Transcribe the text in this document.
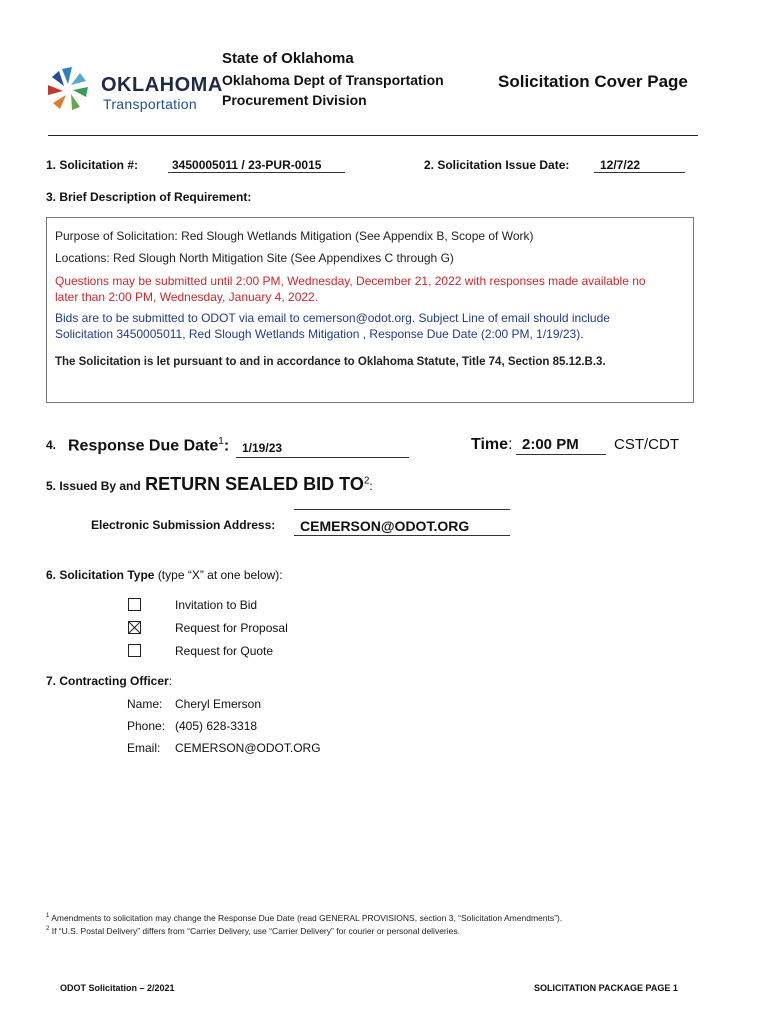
OKLAHOMA
Transportation
State of Oklahoma
Oklahoma Dept of Transportation
Procurement Division
Solicitation Cover Page
1. Solicitation #:	3450005011 / 23-PUR-0015	2. Solicitation Issue Date:	12/7/22
3. Brief Description of Requirement:
Purpose of Solicitation: Red Slough Wetlands Mitigation (See Appendix B, Scope of Work)
Locations: Red Slough North Mitigation Site (See Appendixes C through G)
Questions may be submitted until 2:00 PM, Wednesday, December 21, 2022 with responses made available no
later than 2:00 PM, Wednesday, January 4, 2022.
Bids are to be submitted to ODOT via email to cemerson@odot.org. Subject Line of email should include
Solicitation 3450005011, Red Slough Wetlands Mitigation , Response Due Date (2:00 PM, 1/19/23).
The Solicitation is let pursuant to and in accordance to Oklahoma Statute, Title 74, Section 85.12.B.3.
4. Response Due Date$^1$:	1/19/23	Time: 2:00 PM	CST/CDT
5. Issued By and RETURN SEALED BID $TO^2$:
Electronic Submission Address:	CEMERSON@ODOT.ORG
6. Solicitation Type (type “X” at one below):
Invitation to Bid
Request for Proposal
Request for Quote
7. Contracting Officer:
Name: Cheryl Emerson
Phone: (405) 628-3318
Email: CEMERSON@ODOT.ORG
$^1$ Amendments to solicitation may change the Response Due Date (read GENERAL PROVISIONS, section 3, “Solicitation Amendments”).
$^2$ If “U.S. Postal Delivery” differs from “Carrier Delivery, use “Carrier Delivery” for courier or personal deliveries.
ODOT Solicitation – 2/2021	SOLICITATION PACKAGE PAGE 1
